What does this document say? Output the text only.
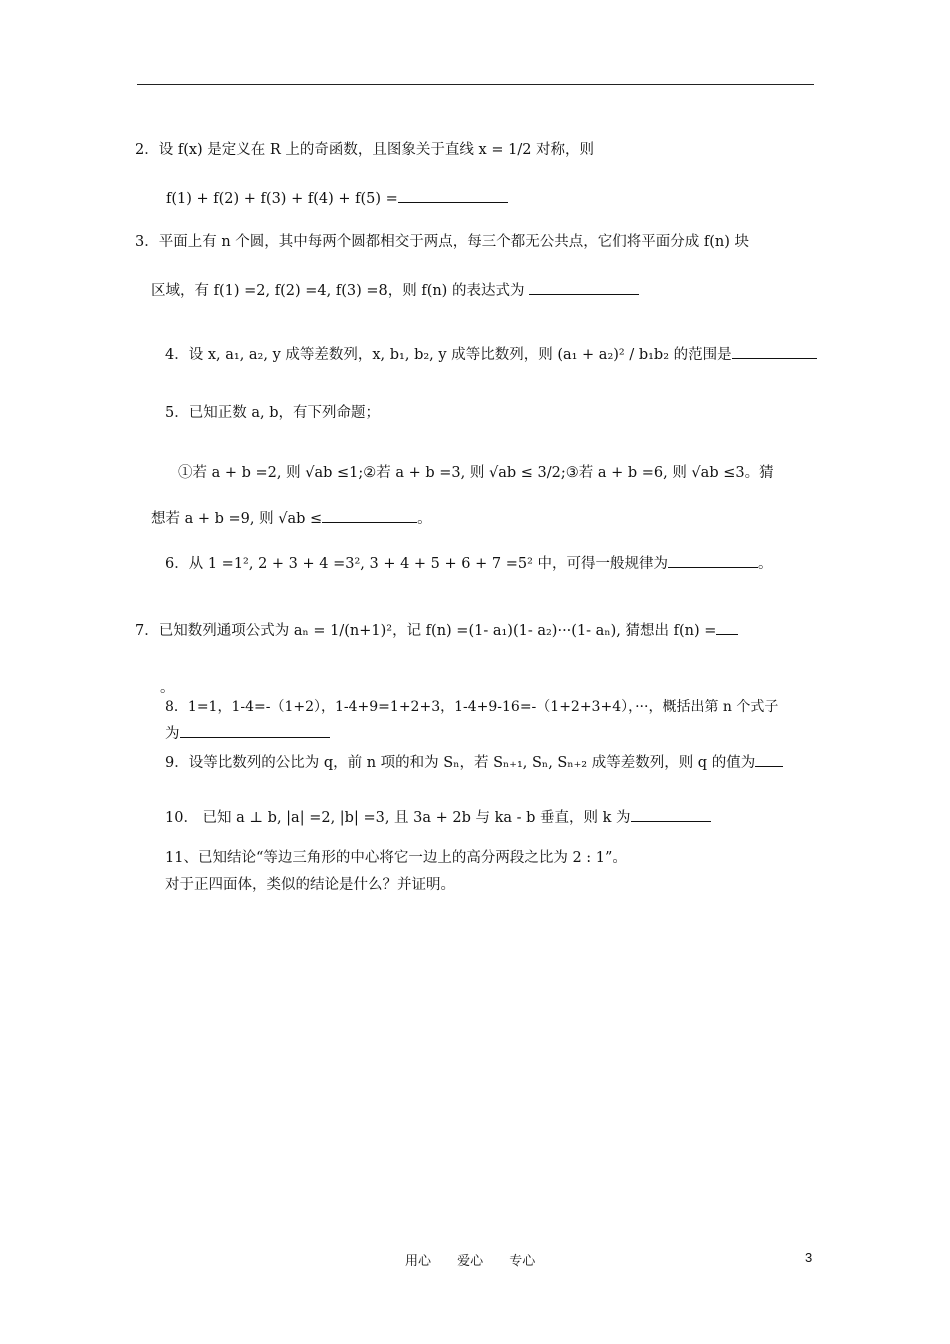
2．设 f(x) 是定义在 R 上的奇函数，且图象关于直线 x = 1/2 对称，则
f(1) + f(2) + f(3) + f(4) + f(5) =
3．平面上有 n 个圆，其中每两个圆都相交于两点，每三个都无公共点，它们将平面分成 f(n) 块
区域，有 f(1) =2, f(2) =4, f(3) =8，则 f(n) 的表达式为
4．设 x, a₁, a₂, y 成等差数列，x, b₁, b₂, y 成等比数列，则 (a₁ + a₂)² / b₁b₂ 的范围是
5．已知正数 a, b，有下列命题；
①若 a + b =2, 则 √ab ≤1;②若 a + b =3, 则 √ab ≤ 3/2;③若 a + b =6, 则 √ab ≤3。猜
想若 a + b =9, 则 √ab ≤	。
6．从 1 =1², 2 + 3 + 4 =3², 3 + 4 + 5 + 6 + 7 =5² 中，可得一般规律为	。
7．已知数列通项公式为 aₙ = 1/(n+1)²，记 f(n) =(1- a₁)(1- a₂)···(1- aₙ), 猜想出 f(n) =
。
8．1=1，1-4=-（1+2），1-4+9=1+2+3，1-4+9-16=-（1+2+3+4），···，概括出第 n 个式子
为
9．设等比数列的公比为 q，前 n 项的和为 Sₙ，若 Sₙ₊₁, Sₙ, Sₙ₊₂ 成等差数列，则 q 的值为
10． 已知 a ⊥ b, |a| =2, |b| =3, 且 3a + 2b 与 ka - b 垂直，则 k 为
11、已知结论“等边三角形的中心将它一边上的高分两段之比为 2 : 1”。
对于正四面体，类似的结论是什么？并证明。
用心 爱心 专心	3
